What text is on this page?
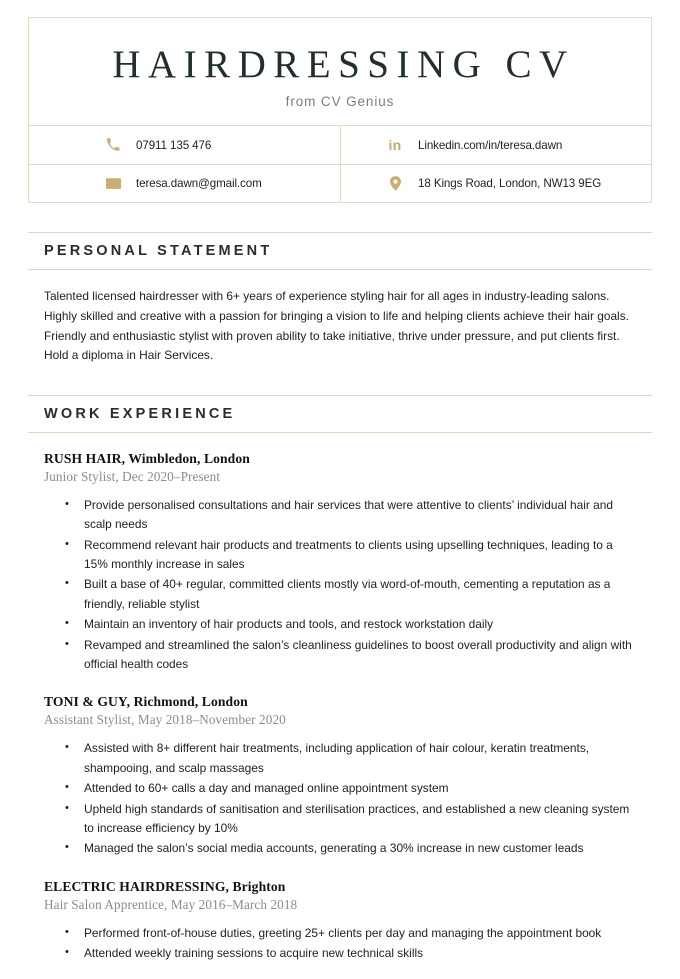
HAIRDRESSING CV
from CV Genius
07911 135 476	in Linkedin.com/in/teresa.dawn
teresa.dawn@gmail.com	18 Kings Road, London, NW13 9EG
PERSONAL STATEMENT
Talented licensed hairdresser with 6+ years of experience styling hair for all ages in industry-leading salons. Highly skilled and creative with a passion for bringing a vision to life and helping clients achieve their hair goals. Friendly and enthusiastic stylist with proven ability to take initiative, thrive under pressure, and put clients first. Hold a diploma in Hair Services.
WORK EXPERIENCE
RUSH HAIR, Wimbledon, London
Junior Stylist, Dec 2020–Present
• Provide personalised consultations and hair services that were attentive to clients’ individual hair and scalp needs
• Recommend relevant hair products and treatments to clients using upselling techniques, leading to a 15% monthly increase in sales
• Built a base of 40+ regular, committed clients mostly via word-of-mouth, cementing a reputation as a friendly, reliable stylist
• Maintain an inventory of hair products and tools, and restock workstation daily
• Revamped and streamlined the salon’s cleanliness guidelines to boost overall productivity and align with official health codes
TONI & GUY, Richmond, London
Assistant Stylist, May 2018–November 2020
• Assisted with 8+ different hair treatments, including application of hair colour, keratin treatments, shampooing, and scalp massages
• Attended to 60+ calls a day and managed online appointment system
• Upheld high standards of sanitisation and sterilisation practices, and established a new cleaning system to increase efficiency by 10%
• Managed the salon’s social media accounts, generating a 30% increase in new customer leads
ELECTRIC HAIRDRESSING, Brighton
Hair Salon Apprentice, May 2016–March 2018
• Performed front-of-house duties, greeting 25+ clients per day and managing the appointment book
• Attended weekly training sessions to acquire new technical skills
